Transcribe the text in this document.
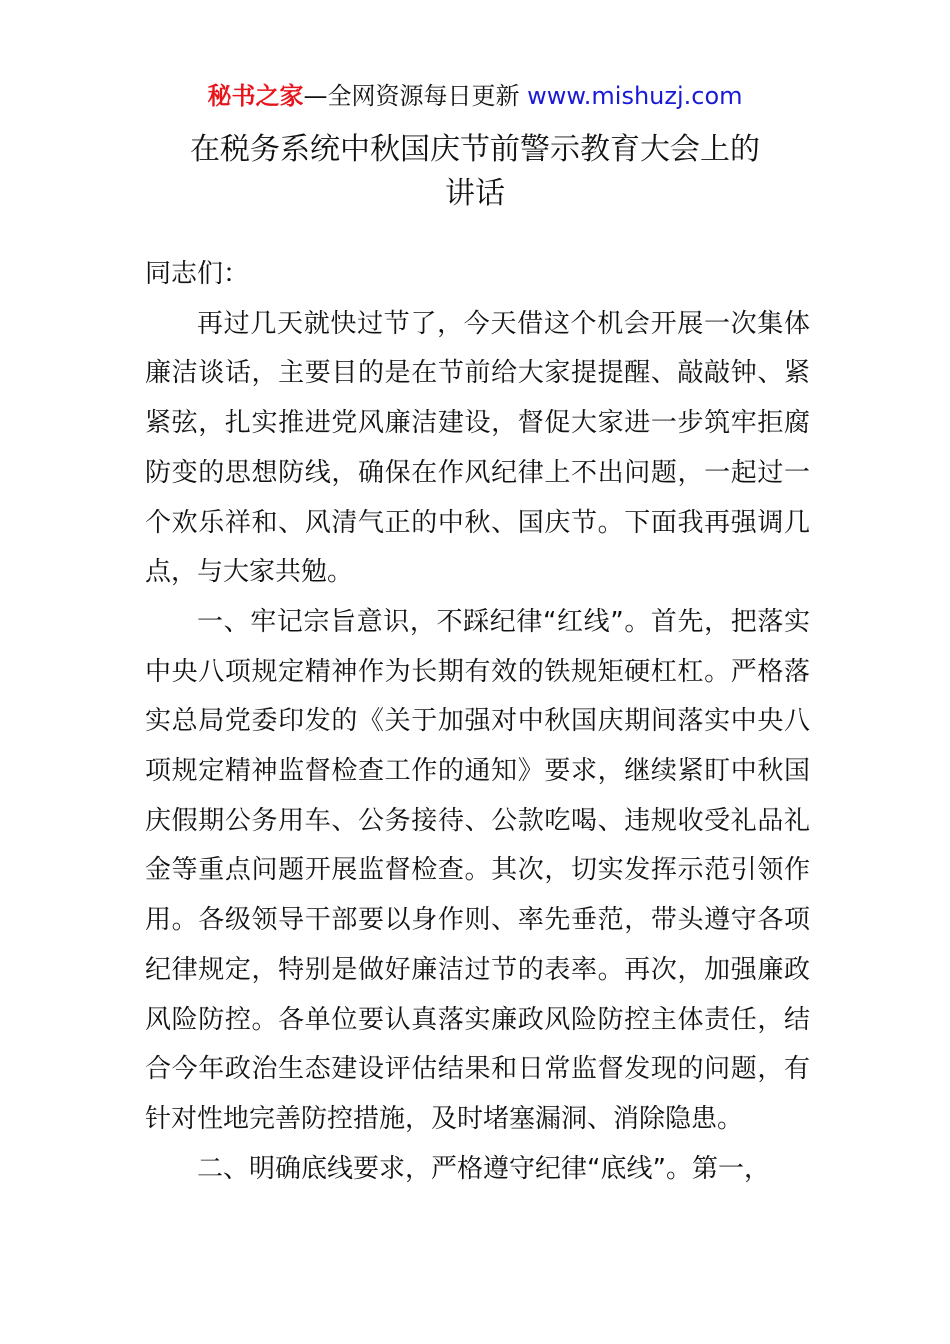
秘书之家—全网资源每日更新 www.mishuzj.com
在税务系统中秋国庆节前警示教育大会上的
讲话

同志们：

再过几天就快过节了，今天借这个机会开展一次集体廉洁谈话，主要目的是在节前给大家提提醒、敲敲钟、紧紧弦，扎实推进党风廉洁建设，督促大家进一步筑牢拒腐防变的思想防线，确保在作风纪律上不出问题，一起过一个欢乐祥和、风清气正的中秋、国庆节。下面我再强调几点，与大家共勉。

一、牢记宗旨意识，不踩纪律“红线”。首先，把落实中央八项规定精神作为长期有效的铁规矩硬杠杠。严格落实总局党委印发的《关于加强对中秋国庆期间落实中央八项规定精神监督检查工作的通知》要求，继续紧盯中秋国庆假期公务用车、公务接待、公款吃喝、违规收受礼品礼金等重点问题开展监督检查。其次，切实发挥示范引领作用。各级领导干部要以身作则、率先垂范，带头遵守各项纪律规定，特别是做好廉洁过节的表率。再次，加强廉政风险防控。各单位要认真落实廉政风险防控主体责任，结合今年政治生态建设评估结果和日常监督发现的问题，有针对性地完善防控措施，及时堵塞漏洞、消除隐患。

二、明确底线要求，严格遵守纪律“底线”。第一，
